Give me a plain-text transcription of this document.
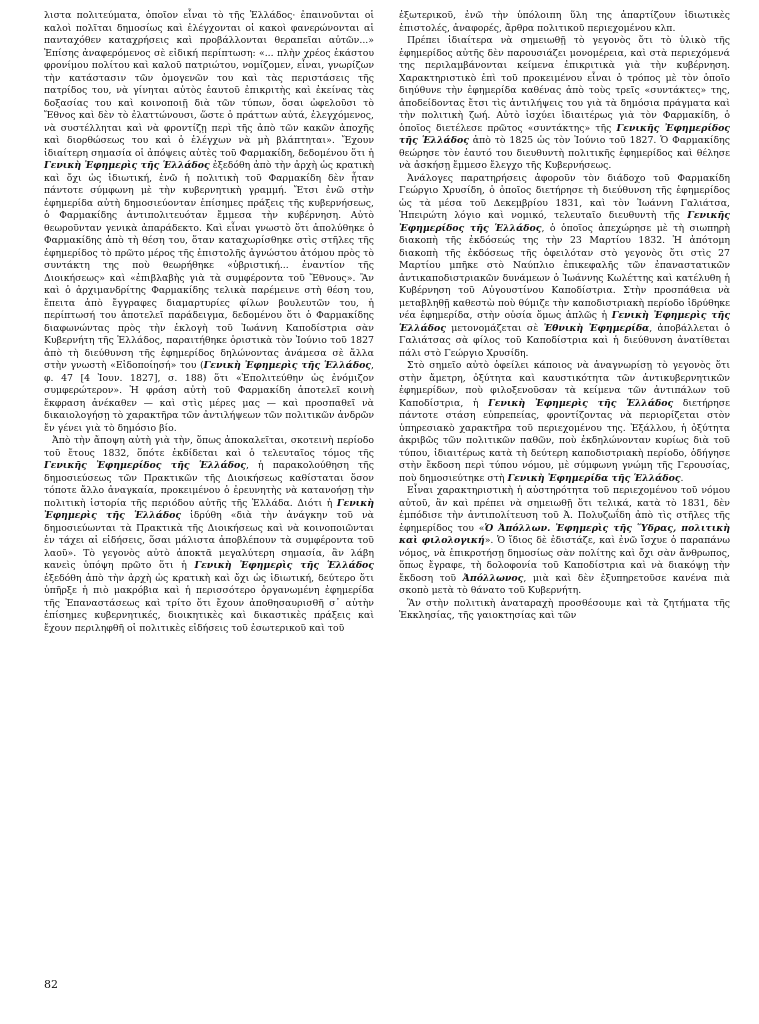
λιστα πολιτεύματα, ὁποῖον εἶναι τὸ τῆς Ἑλλάδος· ἐπαινοῦνται οἱ καλοὶ πολῖται δημοσίως καὶ ἐλέγχονται οἱ κακοὶ φανερώνονται αἱ πανταχόθεν καταχρήσεις καὶ προβάλλονται θεραπεῖαι αὐτῶν...» Ἐπίσης ἀναφερόμενος σὲ εἰδική περίπτωση: «... πλὴν χρέος ἑκάστου φρονίμου πολίτου καὶ καλοῦ πατριώτου, νομίζομεν, εἶναι, γνωρίζων τὴν κατάστασιν τῶν ὁμογενῶν του καὶ τὰς περιστάσεις τῆς πατρίδος του, νὰ γίνηται αὐτὸς ἑαυτοῦ ἐπικριτὴς καὶ ἐκείνας τὰς δοξασίας του καὶ κοινοποιῇ διὰ τῶν τύπων, ὅσαι ὠφελοῦσι τὸ Ἔθνος καὶ δὲν τὸ ἐλαττώνουσι, ὥστε ὁ πράττων αὐτά, ἐλεγχόμενος, νὰ συστέλληται καὶ νὰ φροντίζῃ περὶ τῆς ἀπὸ τῶν κακῶν ἀποχῆς καὶ διορθώσεως του καὶ ὁ ἐλέγχων νὰ μὴ βλάπτηται». Ἔχουν ἰδιαίτερη σημασία οἱ ἀπόψεις αὐτὲς τοῦ Φαρμακίδη, δεδομένου ὅτι ἡ Γενικὴ Ἐφημερὶς τῆς Ἑλλάδος ἐξεδόθη ἀπὸ τὴν ἀρχὴ ὡς κρατικὴ καὶ ὄχι ὡς ἰδιωτική, ἐνῶ ἡ πολιτικὴ τοῦ Φαρμακίδη δὲν ἦταν πάντοτε σύμφωνη μὲ τὴν κυβερνητικὴ γραμμή. Ἔτσι ἐνῶ στὴν ἐφημερίδα αὐτὴ δημοσιεύονταν ἐπίσημες πράξεις τῆς κυβερνήσεως, ὁ Φαρμακίδης ἀντιπολιτευόταν ἔμμεσα τὴν κυβέρνηση. Αὐτὸ θεωροῦνταν γενικὰ ἀπαράδεκτο. Καὶ εἶναι γνωστὸ ὅτι ἀπολύθηκε ὁ Φαρμακίδης ἀπὸ τὴ θέση του, ὅταν καταχωρίσθηκε στὶς στῆλες τῆς ἐφημερίδος τὸ πρῶτο μέρος τῆς ἐπιστολῆς ἀγνώστου ἀτόμου πρὸς τὸ συντάκτη της ποὺ θεωρήθηκε «ὑβριστική... ἐναντίον τῆς Διοικήσεως» καὶ «ἐπιβλαβὴς γιὰ τὰ συμφέροντα τοῦ Ἔθνους». Ἂν καὶ ὁ ἀρχιμανδρίτης Φαρμακίδης τελικὰ παρέμεινε στὴ θέση του, ἔπειτα ἀπὸ ἔγγραφες διαμαρτυρίες φίλων βουλευτῶν του, ἡ περίπτωσή του ἀποτελεῖ παράδειγμα, δεδομένου ὅτι ὁ Φαρμακίδης διαφωνώντας πρὸς τὴν ἐκλογὴ τοῦ Ἰωάννη Καποδίστρια σὰν Κυβερνήτη τῆς Ἑλλάδος, παραιτήθηκε ὁριστικὰ τὸν Ἰούνιο τοῦ 1827 ἀπὸ τὴ διεύθυνση τῆς ἐφημερίδος δηλώνοντας ἀνάμεσα σὲ ἄλλα στὴν γνωστὴ «Εἰδοποίησή» του (Γενικὴ Ἐφημερὶς τῆς Ἑλλάδος, φ. 47 [4 Ἰουν. 1827], σ. 188) ὅτι «Ἐπολιτεύθην ὡς ἐνόμιζον συμφερώτερον». Ἡ φράση αὐτὴ τοῦ Φαρμακίδη ἀποτελεῖ κοινὴ ἔκφραση ἀνέκαθεν — καὶ στὶς μέρες μας — καὶ προσπαθεῖ νὰ δικαιολογήσῃ τὸ χαρακτῆρα τῶν ἀντιλήψεων τῶν πολιτικῶν ἀνδρῶν ἔν γένει γιὰ τὸ δημόσιο βίο.

Ἀπὸ τὴν ἄποψη αὐτὴ γιὰ τὴν, ὅπως ἀποκαλεῖται, σκοτεινὴ περίοδο τοῦ ἔτους 1832, ὅπότε ἐκδίδεται καὶ ὁ τελευταῖος τόμος τῆς Γενικῆς Ἐφημερίδος τῆς Ἑλλάδος, ἡ παρακολούθηση τῆς δημοσιεύσεως τῶν Πρακτικῶν τῆς Διοικήσεως καθίσταται ὅσον τόποτε ἄλλο ἀναγκαία, προκειμένου ὁ ἐρευνητὴς νὰ κατανοήσῃ τὴν πολιτικὴ ἱστορία τῆς περιόδου αὐτῆς τῆς Ἑλλάδα. Διότι ἡ Γενικὴ Ἐφημερὶς τῆς Ἑλλάδος ἱδρύθη «διὰ τὴν ἀνάγκην τοῦ νὰ δημοσιεύωνται τὰ Πρακτικὰ τῆς Διοικήσεως καὶ νὰ κοινοποιῶνται ἐν τάχει αἱ εἰδήσεις, ὅσαι μάλιστα ἀποβλέπουν τὰ συμφέροντα τοῦ λαοῦ». Τὸ γεγονὸς αὐτὸ ἀποκτᾶ μεγαλύτερη σημασία, ἂν λάβη κανεὶς ὑπόψη πρῶτο ὅτι ἡ Γενικὴ Ἐφημερὶς τῆς Ἑλλάδος ἐξεδόθη ἀπὸ τὴν ἀρχὴ ὡς κρατικὴ καὶ ὄχι ὡς ἰδιωτική, δεύτερο ὅτι ὑπῆρξε ἡ πιὸ μακρόβια καὶ ἡ περισσότερο ὀργανωμένη ἐφημερίδα τῆς Ἐπαναστάσεως καὶ τρίτο ὅτι ἔχουν ἀποθησαυρισθῆ σ᾽ αὐτὴν ἐπίσημες κυβερνητικές, διοικητικὲς καὶ δικαστικὲς πράξεις καὶ ἔχουν περιληφθῆ οἱ πολιτικὲς εἰδήσεις τοῦ ἐσωτερικοῦ καὶ τοῦ

ἐξωτερικοῦ, ἐνῶ τὴν ὑπόλοιπη ὕλη της ἀπαρτίζουν ἰδιωτικὲς ἐπιστολές, ἀναφορές, ἄρθρα πολιτικοῦ περιεχομένου κλπ.

Πρέπει ἰδιαίτερα νὰ σημειωθῇ τὸ γεγονὸς ὅτι τὸ ὑλικὸ τῆς ἐφημερίδος αὐτῆς δὲν παρουσιάζει μονομέρεια, καὶ στὰ περιεχόμενά της περιλαμβάνονται κείμενα ἐπικριτικὰ γιὰ τὴν κυβέρνηση. Χαρακτηριστικὸ ἐπὶ τοῦ προκειμένου εἶναι ὁ τρόπος μὲ τὸν ὁποῖο διηύθυνε τὴν ἐφημερίδα καθένας ἀπὸ τοὺς τρεῖς «συντάκτες» της, ἀποδείδοντας ἔτσι τὶς ἀντιλήψεις του γιὰ τὰ δημόσια πράγματα καὶ τὴν πολιτικὴ ζωή. Αὐτὸ ἰσχύει ἰδιαιτέρως γιὰ τὸν Φαρμακίδη, ὁ ὁποῖος διετέλεσε πρῶτος «συντάκτης» τῆς Γενικῆς Ἐφημερίδος τῆς Ἑλλάδος ἀπὸ τὸ 1825 ὡς τὸν Ἰούνιο τοῦ 1827. Ὁ Φαρμακίδης θεώρησε τὸν ἑαυτό του διευθυντὴ πολιτικῆς ἐφημερίδος καὶ θέλησε νὰ ἀσκήσῃ ἔμμεσο ἔλεγχο τῆς Κυβερνήσεως.

Ἀνάλογες παρατηρήσεις ἀφοροῦν τὸν διάδοχο τοῦ Φαρμακίδη Γεώργιο Χρυσίδη, ὁ ὁποῖος διετήρησε τὴ διεύθυνση τῆς ἐφημερίδος ὡς τὰ μέσα τοῦ Δεκεμβρίου 1831, καὶ τὸν Ἰωάννη Γαλιάτσα, Ἠπειρώτη λόγιο καὶ νομικό, τελευταῖο διευθυντὴ τῆς Γενικῆς Ἐφημερίδος τῆς Ἑλλάδος, ὁ ὁποῖος ἀπεχώρησε μὲ τὴ σιωπηρὴ διακοπὴ τῆς ἐκδόσεώς της τὴν 23 Μαρτίου 1832. Ἡ ἀπότομη διακοπὴ τῆς ἐκδόσεως τῆς ὀφειλόταν στὸ γεγονὸς ὅτι στὶς 27 Μαρτίου μπῆκε στὸ Ναύπλιο ἐπικεφαλῆς τῶν ἐπαναστατικῶν ἀντικαποδιστριακῶν δυνάμεων ὁ Ἰωάννης Κωλέττης καὶ κατέλυθη ἡ Κυβέρνηση τοῦ Αὐγουστίνου Καποδίστρια. Στὴν προσπάθεια νὰ μεταβληθῇ καθεστὼ ποὺ θύμιζε τὴν καποδιστριακὴ περίοδο ἱδρύθηκε νέα ἐφημερίδα, στὴν οὐσία ὅμως ἁπλῶς ἡ Γενικὴ Ἐφημερὶς τῆς Ἑλλάδος μετονομάζεται σὲ Ἐθνικὴ Ἐφημερίδα, ἀποβάλλεται ὁ Γαλιάτσας σὰ φίλος τοῦ Καποδίστρια καὶ ἡ διεύθυνση ἀνατίθεται πάλι στὸ Γεώργιο Χρυσίδη.

Στὸ σημεῖο αὐτὸ ὀφείλει κάποιος νὰ ἀναγνωρίσῃ τὸ γεγονὸς ὅτι στὴν ἄμετρη, ὀξύτητα καὶ καυστικότητα τῶν ἀντικυβερνητικῶν ἐφημερίδων, ποὺ φιλοξενοῦσαν τὰ κείμενα τῶν ἀντιπάλων τοῦ Καποδίστρια, ἡ Γενικὴ Ἐφημερὶς τῆς Ἑλλάδος διετήρησε πάντοτε στάση εὐπρεπείας, φροντίζοντας νὰ περιορίζεται στὸν ὑπηρεσιακὸ χαρακτῆρα τοῦ περιεχομένου της. Ἐξάλλου, ἡ ὀξύτητα ἀκριβῶς τῶν πολιτικῶν παθῶν, ποὺ ἐκδηλώνονταν κυρίως διὰ τοῦ τύπου, ἰδιαιτέρως κατὰ τὴ δεύτερη καποδιστριακὴ περίοδο, ὁδήγησε στὴν ἔκδοση περὶ τύπου νόμου, μὲ σύμφωνη γνώμη τῆς Γερουσίας, ποὺ δημοσιεύτηκε στὴ Γενικὴ Ἐφημερίδα τῆς Ἑλλάδος.

Εἶναι χαρακτηριστικὴ ἡ αὐστηρότητα τοῦ περιεχομένου τοῦ νόμου αὐτοῦ, ἂν καὶ πρέπει νὰ σημειωθῇ ὅτι τελικά, κατὰ τὸ 1831, δὲν ἐμπόδισε τὴν ἀντιπολίτευση τοῦ Ἀ. Πολυζωΐδη ἀπὸ τὶς στῆλες τῆς ἐφημερίδος του «Ὁ Ἀπόλλων. Ἐφημερὶς τῆς Ὕδρας, πολιτικὴ καὶ φιλολογική». Ὁ ἴδιος δὲ ἐδιστάζε, καὶ ἐνῶ ἴσχυε ὁ παραπάνω νόμος, νὰ ἐπικροτήσῃ δημοσίως σὰν πολίτης καὶ ὄχι σὰν ἄνθρωπος, ὅπως ἔγραφε, τὴ δολοφονία τοῦ Καποδίστρια καὶ νὰ διακόψῃ τὴν ἔκδοση τοῦ Ἀπόλλωνος, μιὰ καὶ δὲν ἐξυπηρετοῦσε κανένα πιὰ σκοπὸ μετὰ τὸ θάνατο τοῦ Κυβερνήτη.

Ἂν στὴν πολιτικὴ ἀναταραχὴ προσθέσουμε καὶ τὰ ζητήματα τῆς Ἐκκλησίας, τῆς γαιοκτησίας καὶ τῶν

82
